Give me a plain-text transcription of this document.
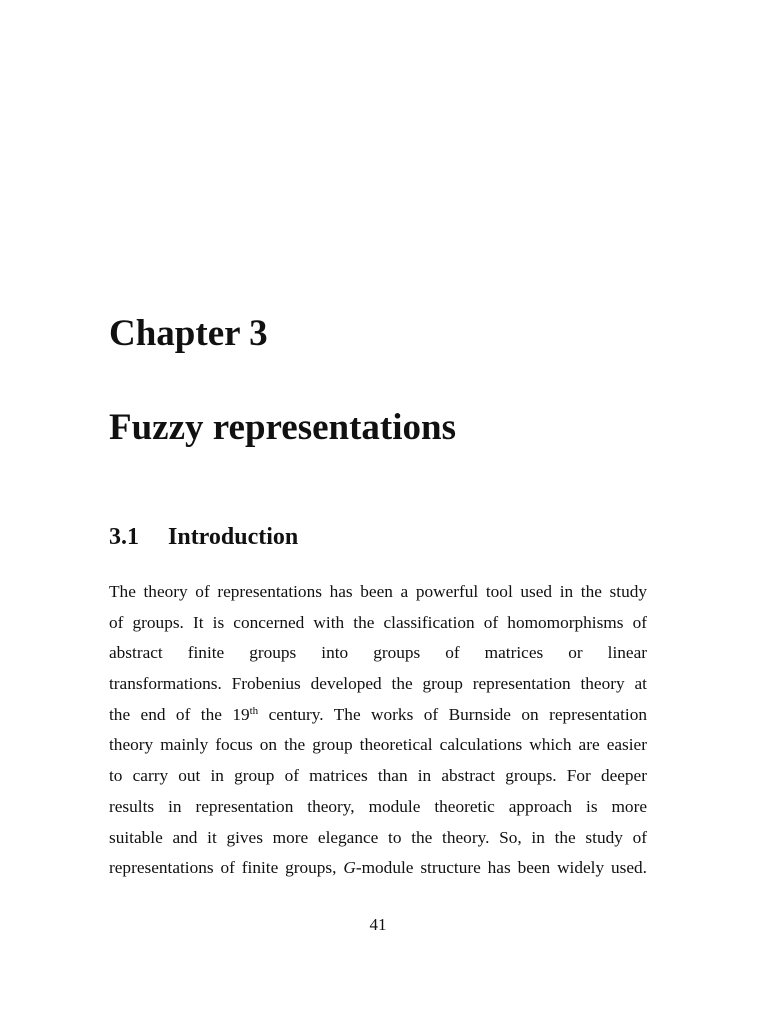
Chapter 3
Fuzzy representations
3.1 Introduction
The theory of representations has been a powerful tool used in the study
of groups. It is concerned with the classification of homomorphisms of
abstract finite groups into groups of matrices or linear
transformations. Frobenius developed the group representation theory at
the end of the 19th century. The works of Burnside on representation
theory mainly focus on the group theoretical calculations which are easier
to carry out in group of matrices than in abstract groups. For deeper
results in representation theory, module theoretic approach is more
suitable and it gives more elegance to the theory. So, in the study of
representations of finite groups, G-module structure has been widely used.

41
